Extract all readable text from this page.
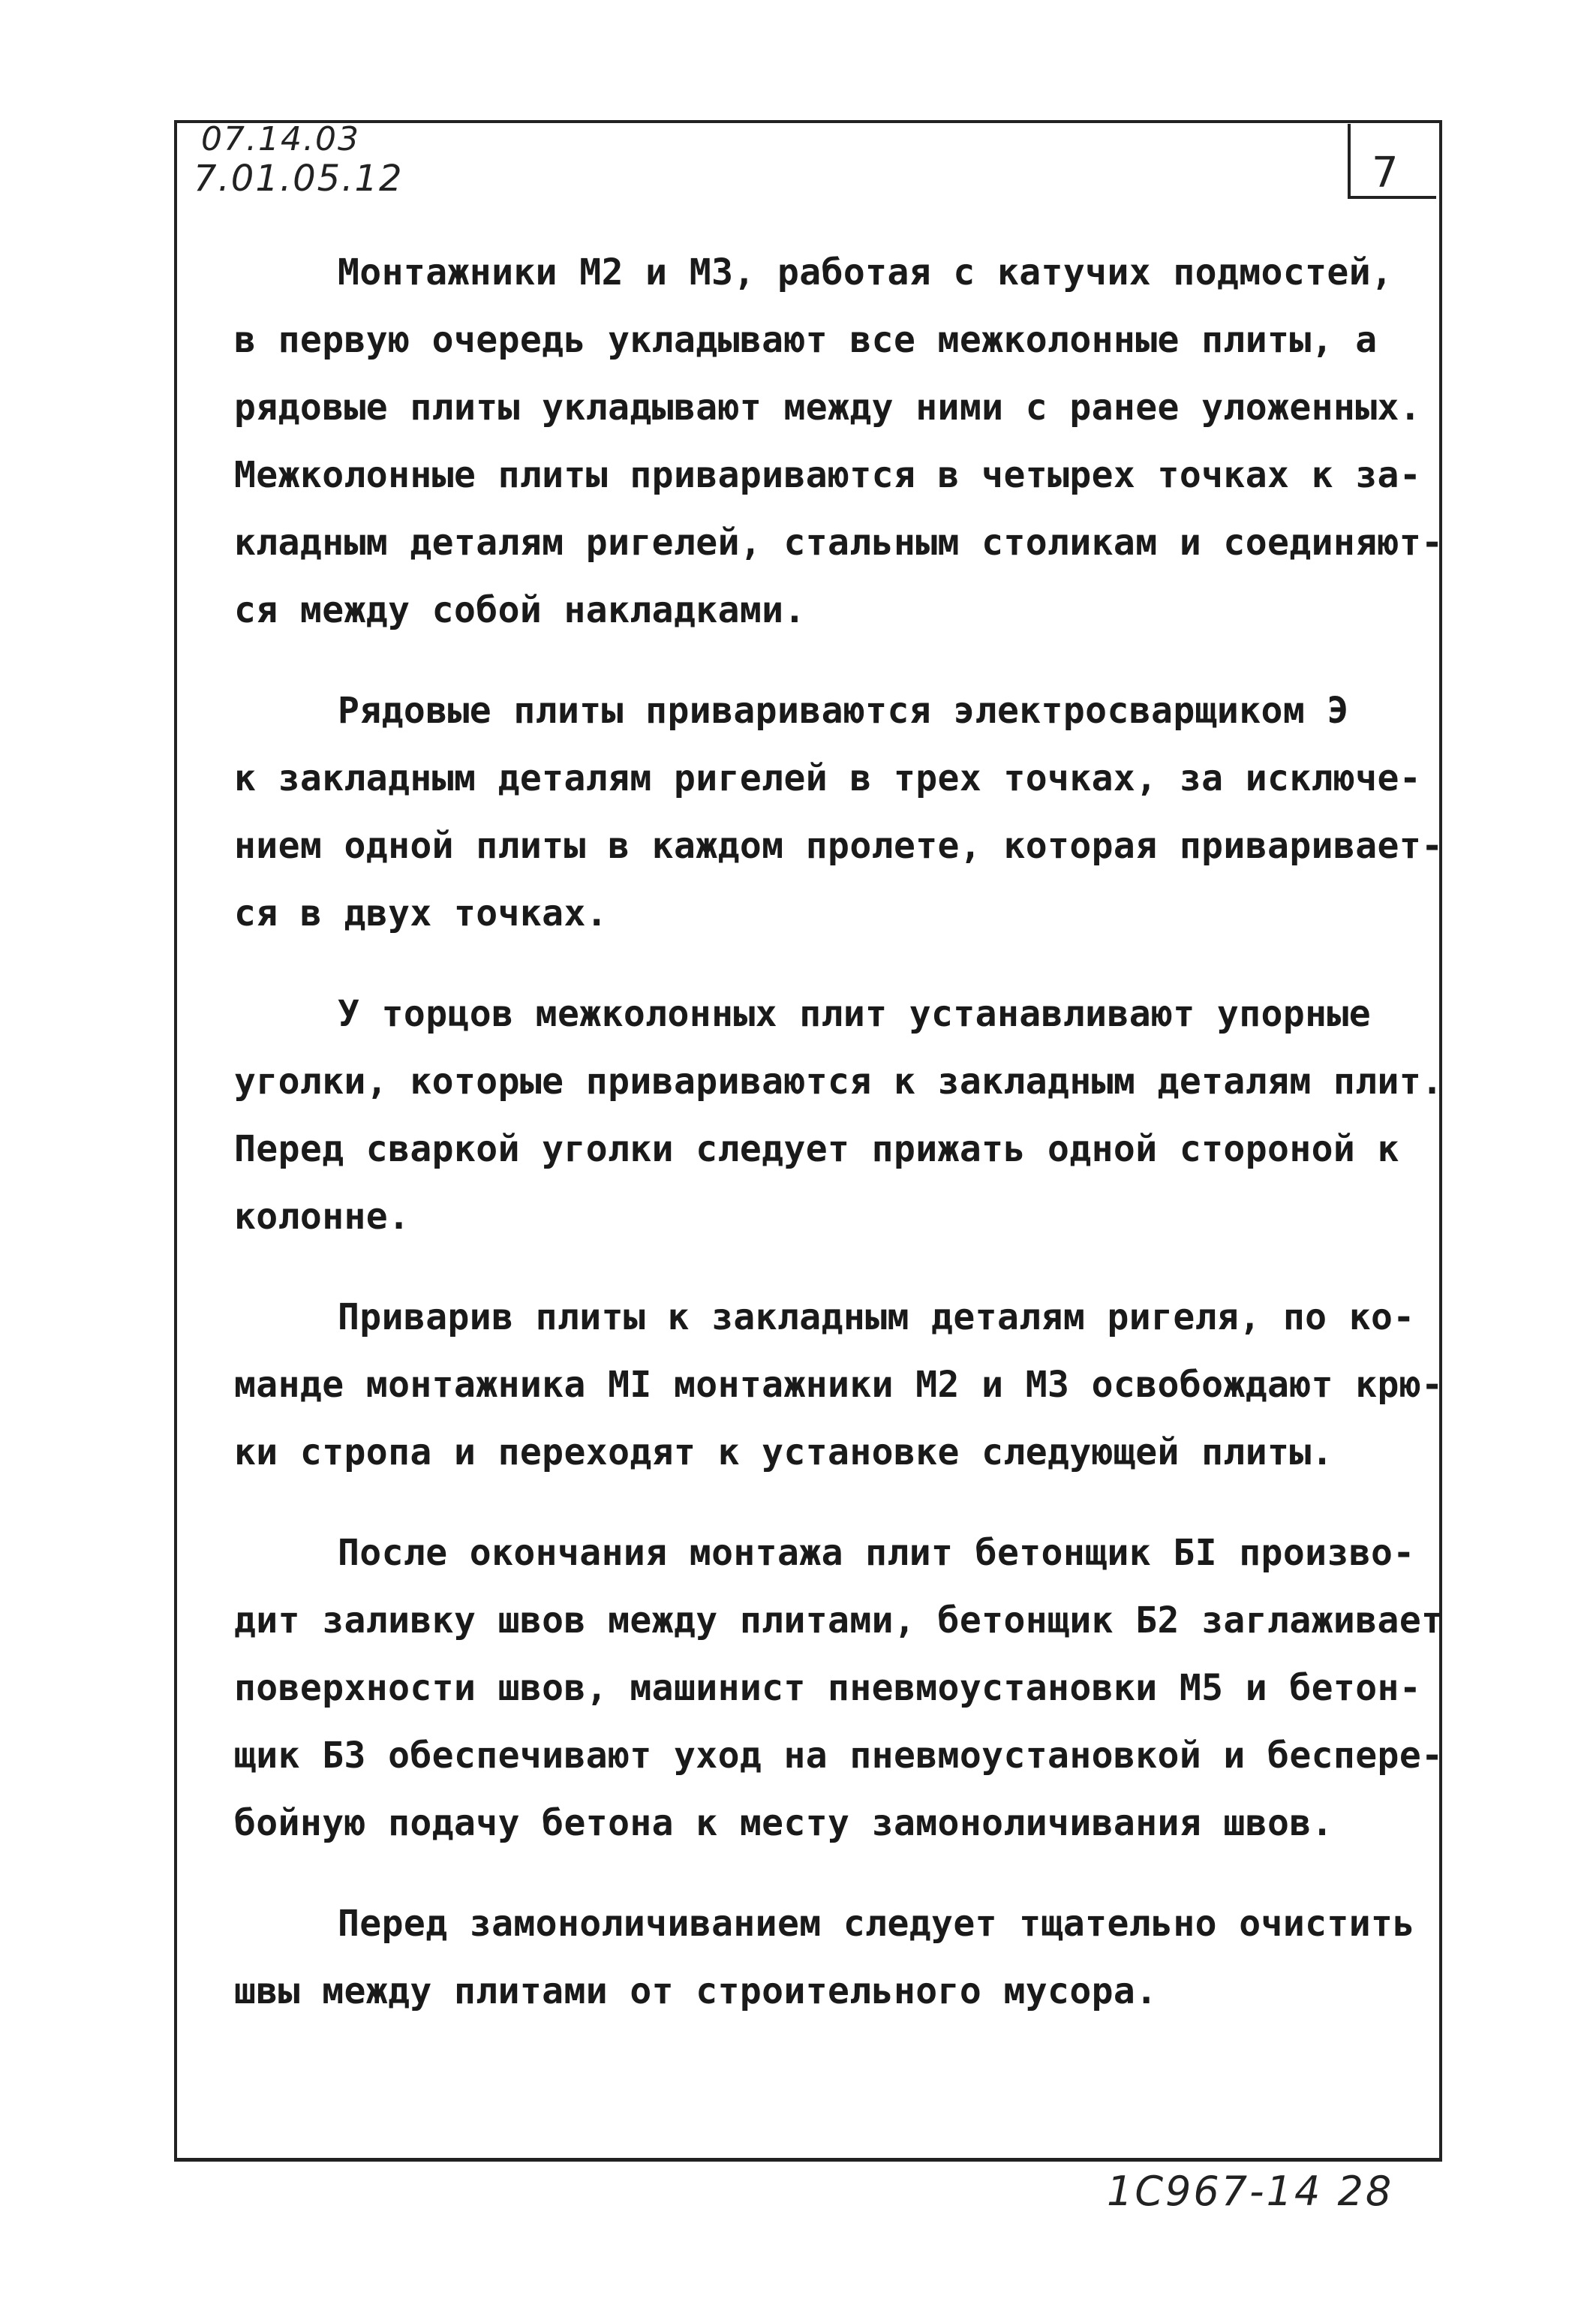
07.14.03
7.01.05.12	7
Монтажники М2 и М3, работая с катучих подмостей,
в первую очередь укладывают все межколонные плиты, а
рядовые плиты укладывают между ними с ранее уложенных.
Межколонные плиты привариваются в четырех точках к за-
кладным деталям ригелей, стальным столикам и соединяют-
ся между собой накладками.
Рядовые плиты привариваются электросварщиком Э
к закладным деталям ригелей в трех точках, за исключе-
нием одной плиты в каждом пролете, которая приваривает-
ся в двух точках.
У торцов межколонных плит устанавливают упорные
уголки, которые привариваются к закладным деталям плит.
Перед сваркой уголки следует прижать одной стороной к
колонне.
Приварив плиты к закладным деталям ригеля, по ко-
манде монтажника МI монтажники М2 и М3 освобождают крю-
ки стропа и переходят к установке следующей плиты.
После окончания монтажа плит бетонщик БI произво-
дит заливку швов между плитами, бетонщик Б2 заглаживает
поверхности швов, машинист пневмоустановки М5 и бетон-
щик Б3 обеспечивают уход на пневмоустановкой и беспере-
бойную подачу бетона к месту замоноличивания швов.
Перед замоноличиванием следует тщательно очистить
швы между плитами от строительного мусора.
1C967-14 28
